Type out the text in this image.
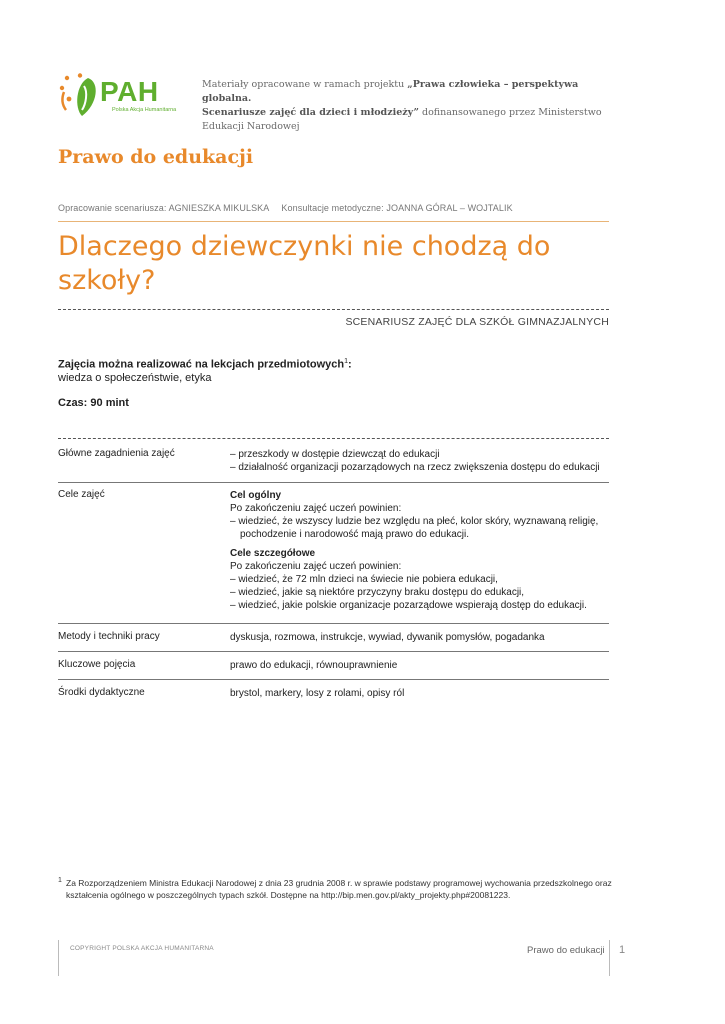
PAH
Polska Akcja Humanitarna
Materiały opracowane w ramach projektu „Prawa człowieka – perspektywa globalna.
Scenariusze zajęć dla dzieci i młodzieży” dofinansowanego przez Ministerstwo
Edukacji Narodowej
Prawo do edukacji
Opracowanie scenariusza: AGNIESZKA MIKULSKA Konsultacje metodyczne: JOANNA GÓRAL – WOJTALIK
Dlaczego dziewczynki nie chodzą do szkoły?
SCENARIUSZ ZAJĘĆ DLA SZKÓŁ GIMNAZJALNYCH
Zajęcia można realizować na lekcjach przedmiotowych$^1$:
wiedza o społeczeństwie, etyka
Czas: 90 mint
Główne zagadnienia zajęć	– przeszkody w dostępie dziewcząt do edukacji
– działalność organizacji pozarządowych na rzecz zwiększenia dostępu do edukacji
Cele zajęć	Cel ogólny
Po zakończeniu zajęć uczeń powinien:
– wiedzieć, że wszyscy ludzie bez względu na płeć, kolor skóry, wyznawaną religię, pochodzenie i narodowość mają prawo do edukacji.
Cele szczegółowe
Po zakończeniu zajęć uczeń powinien:
– wiedzieć, że 72 mln dzieci na świecie nie pobiera edukacji,
– wiedzieć, jakie są niektóre przyczyny braku dostępu do edukacji,
– wiedzieć, jakie polskie organizacje pozarządowe wspierają dostęp do edukacji.
Metody i techniki pracy	dyskusja, rozmowa, instrukcje, wywiad, dywanik pomysłów, pogadanka
Kluczowe pojęcia	prawo do edukacji, równouprawnienie
Środki dydaktyczne	brystol, markery, losy z rolami, opisy ról
1 Za Rozporządzeniem Ministra Edukacji Narodowej z dnia 23 grudnia 2008 r. w sprawie podstawy programowej wychowania przedszkolnego oraz kształcenia ogólnego w poszczególnych typach szkół. Dostępne na http://bip.men.gov.pl/akty_projekty.php#20081223.
COPYRIGHT POLSKA AKCJA HUMANITARNA	Prawo do edukacji 1
